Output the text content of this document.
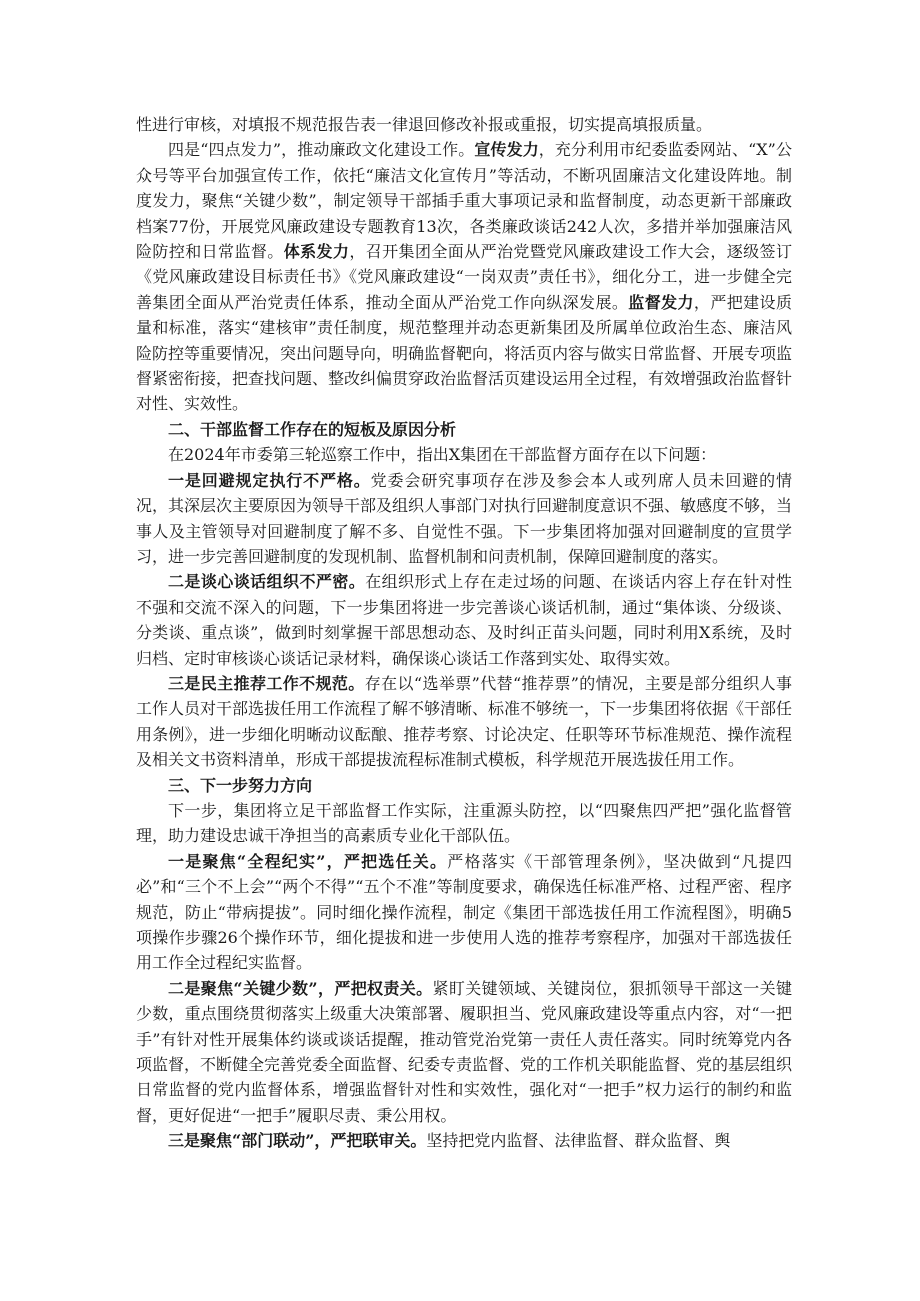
性进行审核，对填报不规范报告表一律退回修改补报或重报，切实提高填报质量。

四是“四点发力”，推动廉政文化建设工作。宣传发力，充分利用市纪委监委网站、“X”公众号等平台加强宣传工作，依托“廉洁文化宣传月”等活动，不断巩固廉洁文化建设阵地。制度发力，聚焦“关键少数”，制定领导干部插手重大事项记录和监督制度，动态更新干部廉政档案77份，开展党风廉政建设专题教育13次，各类廉政谈话242人次，多措并举加强廉洁风险防控和日常监督。体系发力，召开集团全面从严治党暨党风廉政建设工作大会，逐级签订《党风廉政建设目标责任书》《党风廉政建设“一岗双责”责任书》，细化分工，进一步健全完善集团全面从严治党责任体系，推动全面从严治党工作向纵深发展。监督发力，严把建设质量和标准，落实“建核审”责任制度，规范整理并动态更新集团及所属单位政治生态、廉洁风险防控等重要情况，突出问题导向，明确监督靶向，将活页内容与做实日常监督、开展专项监督紧密衔接，把查找问题、整改纠偏贯穿政治监督活页建设运用全过程，有效增强政治监督针对性、实效性。

二、干部监督工作存在的短板及原因分析

在2024年市委第三轮巡察工作中，指出X集团在干部监督方面存在以下问题：

一是回避规定执行不严格。党委会研究事项存在涉及参会本人或列席人员未回避的情况，其深层次主要原因为领导干部及组织人事部门对执行回避制度意识不强、敏感度不够，当事人及主管领导对回避制度了解不多、自觉性不强。下一步集团将加强对回避制度的宣贯学习，进一步完善回避制度的发现机制、监督机制和问责机制，保障回避制度的落实。

二是谈心谈话组织不严密。在组织形式上存在走过场的问题、在谈话内容上存在针对性不强和交流不深入的问题，下一步集团将进一步完善谈心谈话机制，通过“集体谈、分级谈、分类谈、重点谈”，做到时刻掌握干部思想动态、及时纠正苗头问题，同时利用X系统，及时归档、定时审核谈心谈话记录材料，确保谈心谈话工作落到实处、取得实效。

三是民主推荐工作不规范。存在以“选举票”代替“推荐票”的情况，主要是部分组织人事工作人员对干部选拔任用工作流程了解不够清晰、标准不够统一，下一步集团将依据《干部任用条例》，进一步细化明晰动议酝酿、推荐考察、讨论决定、任职等环节标准规范、操作流程及相关文书资料清单，形成干部提拔流程标准制式模板，科学规范开展选拔任用工作。

三、下一步努力方向

下一步，集团将立足干部监督工作实际，注重源头防控，以“四聚焦四严把”强化监督管理，助力建设忠诚干净担当的高素质专业化干部队伍。

一是聚焦“全程纪实”，严把选任关。严格落实《干部管理条例》，坚决做到“凡提四必”和“三个不上会”“两个不得”“五个不准”等制度要求，确保选任标准严格、过程严密、程序规范，防止“带病提拔”。同时细化操作流程，制定《集团干部选拔任用工作流程图》，明确5项操作步骤26个操作环节，细化提拔和进一步使用人选的推荐考察程序，加强对干部选拔任用工作全过程纪实监督。

二是聚焦“关键少数”，严把权责关。紧盯关键领域、关键岗位，狠抓领导干部这一关键少数，重点围绕贯彻落实上级重大决策部署、履职担当、党风廉政建设等重点内容，对“一把手”有针对性开展集体约谈或谈话提醒，推动管党治党第一责任人责任落实。同时统筹党内各项监督，不断健全完善党委全面监督、纪委专责监督、党的工作机关职能监督、党的基层组织日常监督的党内监督体系，增强监督针对性和实效性，强化对“一把手”权力运行的制约和监督，更好促进“一把手”履职尽责、秉公用权。

三是聚焦“部门联动”，严把联审关。坚持把党内监督、法律监督、群众监督、舆
